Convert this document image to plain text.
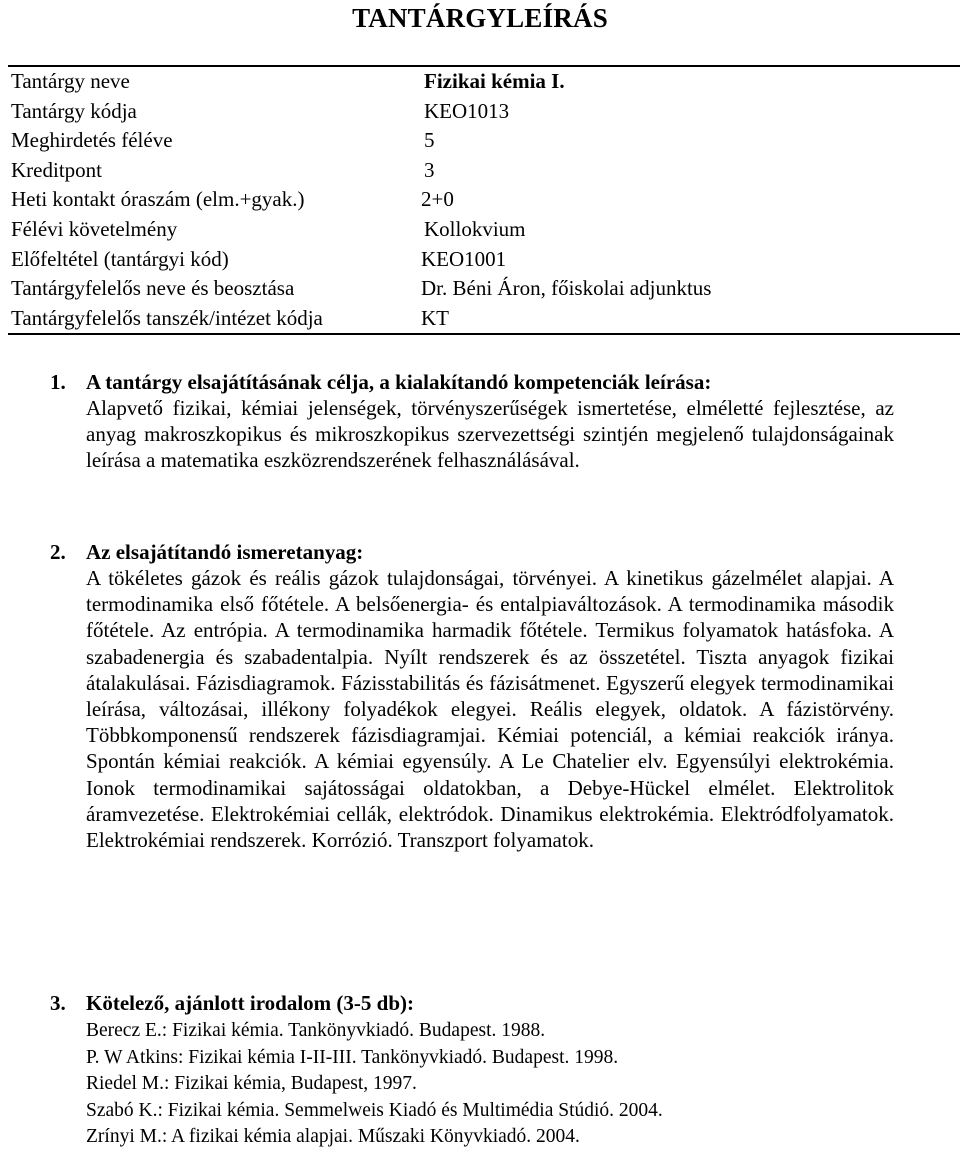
TANTÁRGYLEÍRÁS
Tantárgy neve	Fizikai kémia I.
Tantárgy kódja	KEO1013
Meghirdetés féléve	5
Kreditpont	3
Heti kontakt óraszám (elm.+gyak.)	2+0
Félévi követelmény	Kollokvium
Előfeltétel (tantárgyi kód)	KEO1001
Tantárgyfelelős neve és beosztása	Dr. Béni Áron, főiskolai adjunktus
Tantárgyfelelős tanszék/intézet kódja	KT
1. A tantárgy elsajátításának célja, a kialakítandó kompetenciák leírása:
Alapvető fizikai, kémiai jelenségek, törvényszerűségek ismertetése, elméletté fejlesztése, az anyag makroszkopikus és mikroszkopikus szervezettségi szintjén megjelenő tulajdonságainak leírása a matematika eszközrendszerének felhasználásával.
2. Az elsajátítandó ismeretanyag:
A tökéletes gázok és reális gázok tulajdonságai, törvényei. A kinetikus gázelmélet alapjai. A termodinamika első főtétele. A belsőenergia- és entalpiaváltozások. A termodinamika második főtétele. Az entrópia. A termodinamika harmadik főtétele. Termikus folyamatok hatásfoka. A szabadenergia és szabadentalpia. Nyílt rendszerek és az összetétel. Tiszta anyagok fizikai átalakulásai. Fázisdiagramok. Fázisstabilitás és fázisátmenet. Egyszerű elegyek termodinamikai leírása, változásai, illékony folyadékok elegyei. Reális elegyek, oldatok. A fázistörvény. Többkomponensű rendszerek fázisdiagramjai. Kémiai potenciál, a kémiai reakciók iránya. Spontán kémiai reakciók. A kémiai egyensúly. A Le Chatelier elv. Egyensúlyi elektrokémia. Ionok termodinamikai sajátosságai oldatokban, a Debye-Hückel elmélet. Elektrolitok áramvezetése. Elektrokémiai cellák, elektródok. Dinamikus elektrokémia. Elektródfolyamatok. Elektrokémiai rendszerek. Korrózió. Transzport folyamatok.
3. Kötelező, ajánlott irodalom (3-5 db):
Berecz E.: Fizikai kémia. Tankönyvkiadó. Budapest. 1988.
P. W Atkins: Fizikai kémia I-II-III. Tankönyvkiadó. Budapest. 1998.
Riedel M.: Fizikai kémia, Budapest, 1997.
Szabó K.: Fizikai kémia. Semmelweis Kiadó és Multimédia Stúdió. 2004.
Zrínyi M.: A fizikai kémia alapjai. Műszaki Könyvkiadó. 2004.
